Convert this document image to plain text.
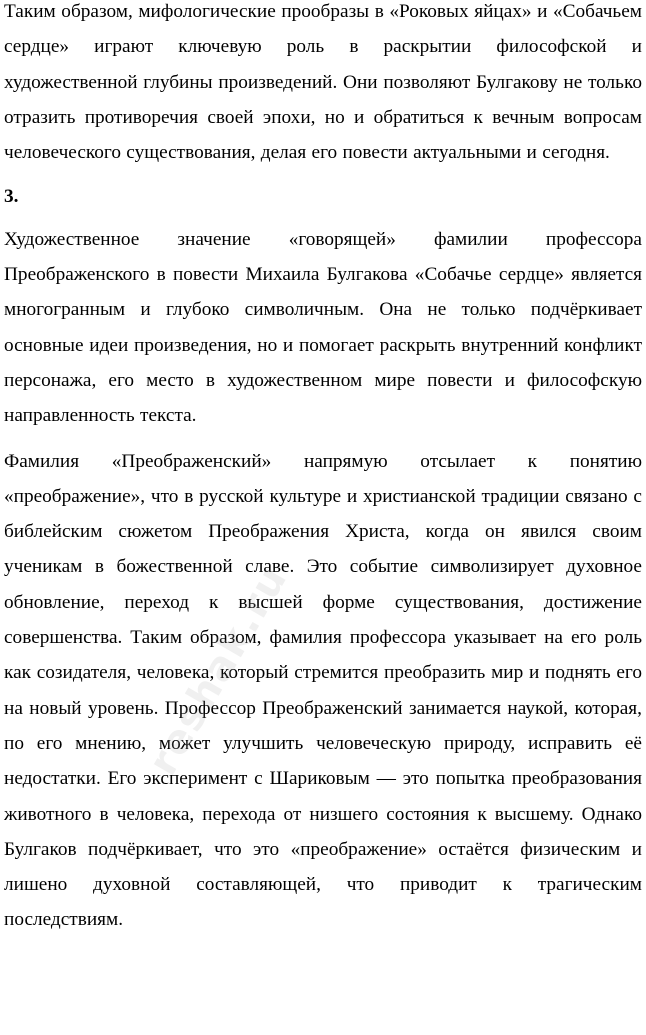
Таким образом, мифологические прообразы в «Роковых яйцах» и «Собачьем сердце» играют ключевую роль в раскрытии философской и художественной глубины произведений. Они позволяют Булгакову не только отразить противоречия своей эпохи, но и обратиться к вечным вопросам человеческого существования, делая его повести актуальными и сегодня.

3.

Художественное значение «говорящей» фамилии профессора Преображенского в повести Михаила Булгакова «Собачье сердце» является многогранным и глубоко символичным. Она не только подчёркивает основные идеи произведения, но и помогает раскрыть внутренний конфликт персонажа, его место в художественном мире повести и философскую направленность текста.

Фамилия «Преображенский» напрямую отсылает к понятию «преображение», что в русской культуре и христианской традиции связано с библейским сюжетом Преображения Христа, когда он явился своим ученикам в божественной славе. Это событие символизирует духовное обновление, переход к высшей форме существования, достижение совершенства. Таким образом, фамилия профессора указывает на его роль как созидателя, человека, который стремится преобразить мир и поднять его на новый уровень. Профессор Преображенский занимается наукой, которая, по его мнению, может улучшить человеческую природу, исправить её недостатки. Его эксперимент с Шариковым — это попытка преобразования животного в человека, перехода от низшего состояния к высшему. Однако Булгаков подчёркивает, что это «преображение» остаётся физическим и лишено духовной составляющей, что приводит к трагическим последствиям.

reshak.ru
